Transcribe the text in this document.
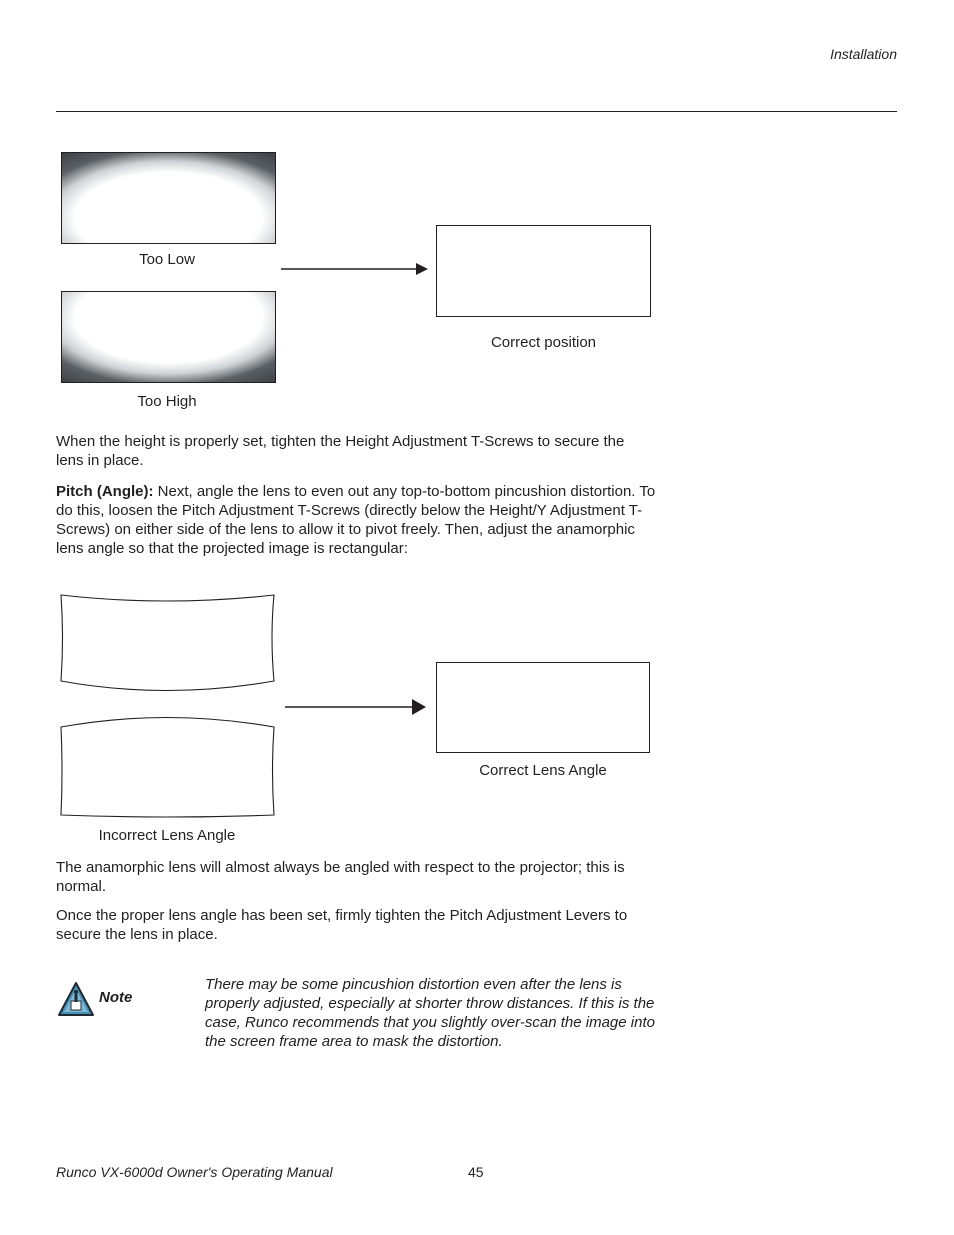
Installation
Too Low
Too High
Correct position
When the height is properly set, tighten the Height Adjustment T-Screws to secure the lens in place.
Pitch (Angle): Next, angle the lens to even out any top-to-bottom pincushion distortion. To do this, loosen the Pitch Adjustment T-Screws (directly below the Height/Y Adjustment T-Screws) on either side of the lens to allow it to pivot freely. Then, adjust the anamorphic lens angle so that the projected image is rectangular:
Incorrect Lens Angle
Correct Lens Angle
The anamorphic lens will almost always be angled with respect to the projector; this is normal.
Once the proper lens angle has been set, firmly tighten the Pitch Adjustment Levers to secure the lens in place.
Note
There may be some pincushion distortion even after the lens is properly adjusted, especially at shorter throw distances. If this is the case, Runco recommends that you slightly over-scan the image into the screen frame area to mask the distortion.
Runco VX-6000d Owner's Operating Manual	45
